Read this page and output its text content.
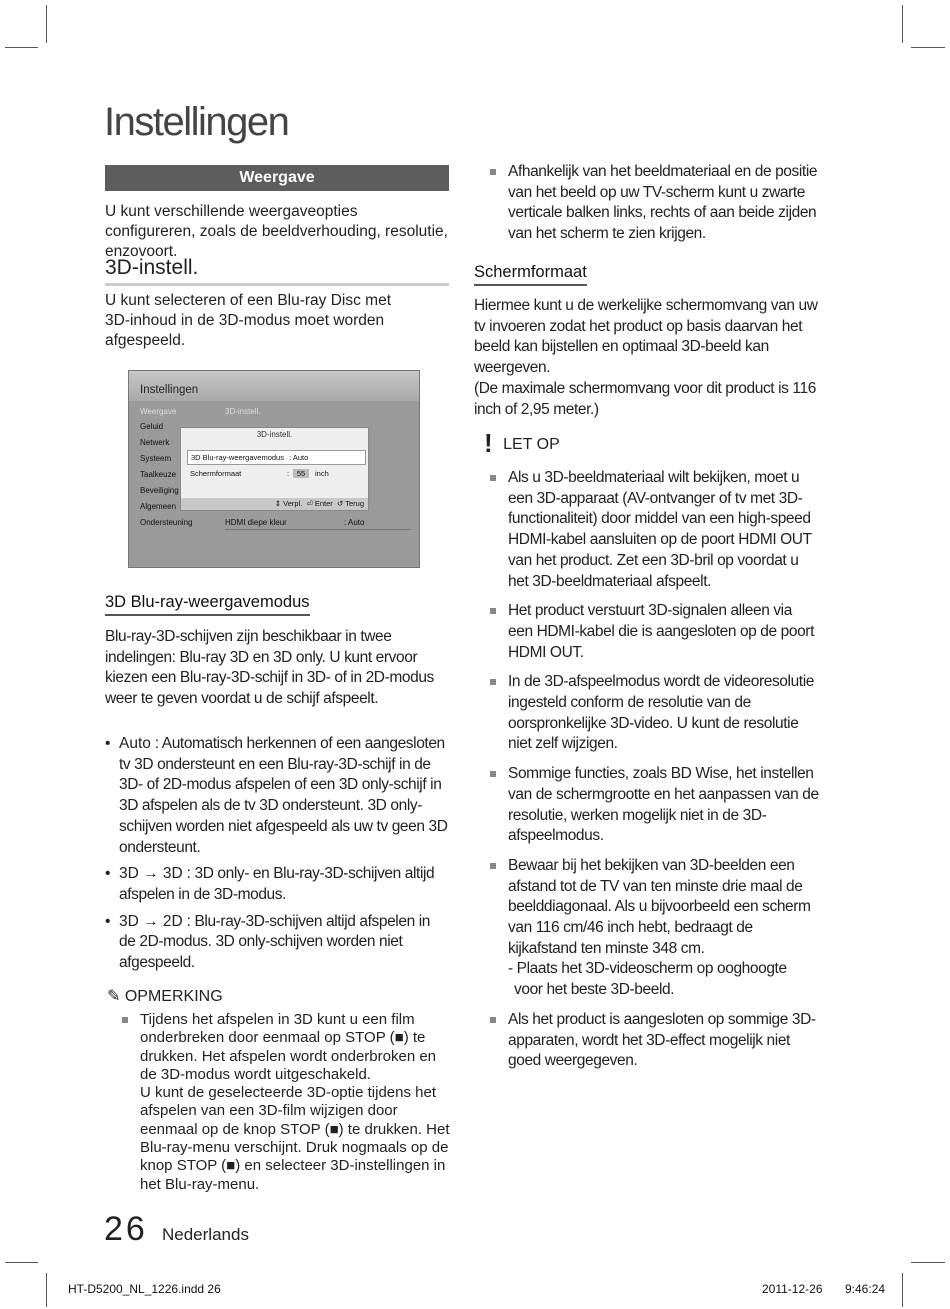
Instellingen
Weergave
U kunt verschillende weergaveopties configureren, zoals de beeldverhouding, resolutie, enzovoort.
3D-instell.
U kunt selecteren of een Blu-ray Disc met 3D-inhoud in de 3D-modus moet worden afgespeeld.
Instellingen
Weergave	3D-instell.
Geluid
Netwerk
Systeem
Taalkeuze
Beveiliging
Algemeen
Ondersteuning	HDMI diepe kleur	: Auto
3D-instell.
3D Blu-ray-weergavemodus : Auto
Schermformaat	:	55	inch
⇕ Verpl.  ⏎ Enter  ↺ Terug
3D Blu-ray-weergavemodus
Blu-ray-3D-schijven zijn beschikbaar in twee indelingen: Blu-ray 3D en 3D only. U kunt ervoor kiezen een Blu-ray-3D-schijf in 3D- of in 2D-modus weer te geven voordat u de schijf afspeelt.
• Auto : Automatisch herkennen of een aangesloten tv 3D ondersteunt en een Blu-ray-3D-schijf in de 3D- of 2D-modus afspelen of een 3D only-schijf in 3D afspelen als de tv 3D ondersteunt. 3D only-schijven worden niet afgespeeld als uw tv geen 3D ondersteunt.
• 3D → 3D : 3D only- en Blu-ray-3D-schijven altijd afspelen in de 3D-modus.
• 3D → 2D : Blu-ray-3D-schijven altijd afspelen in de 2D-modus. 3D only-schijven worden niet afgespeeld.
✎ OPMERKING
Tijdens het afspelen in 3D kunt u een film onderbreken door eenmaal op STOP (■) te drukken. Het afspelen wordt onderbroken en de 3D-modus wordt uitgeschakeld.
U kunt de geselecteerde 3D-optie tijdens het afspelen van een 3D-film wijzigen door eenmaal op de knop STOP (■) te drukken. Het Blu-ray-menu verschijnt. Druk nogmaals op de knop STOP (■) en selecteer 3D-instellingen in het Blu-ray-menu.
26 Nederlands
Afhankelijk van het beeldmateriaal en de positie van het beeld op uw TV-scherm kunt u zwarte verticale balken links, rechts of aan beide zijden van het scherm te zien krijgen.
Schermformaat
Hiermee kunt u de werkelijke schermomvang van uw tv invoeren zodat het product op basis daarvan het beeld kan bijstellen en optimaal 3D-beeld kan weergeven.
(De maximale schermomvang voor dit product is 116 inch of 2,95 meter.)
! LET OP
Als u 3D-beeldmateriaal wilt bekijken, moet u een 3D-apparaat (AV-ontvanger of tv met 3D-functionaliteit) door middel van een high-speed HDMI-kabel aansluiten op de poort HDMI OUT van het product. Zet een 3D-bril op voordat u het 3D-beeldmateriaal afspeelt.
Het product verstuurt 3D-signalen alleen via een HDMI-kabel die is aangesloten op de poort HDMI OUT.
In de 3D-afspeelmodus wordt de videoresolutie ingesteld conform de resolutie van de oorspronkelijke 3D-video. U kunt de resolutie niet zelf wijzigen.
Sommige functies, zoals BD Wise, het instellen van de schermgrootte en het aanpassen van de resolutie, werken mogelijk niet in de 3D-afspeelmodus.
Bewaar bij het bekijken van 3D-beelden een afstand tot de TV van ten minste drie maal de beelddiagonaal. Als u bijvoorbeeld een scherm van 116 cm/46 inch hebt, bedraagt de kijkafstand ten minste 348 cm.
- Plaats het 3D-videoscherm op ooghoogte voor het beste 3D-beeld.
Als het product is aangesloten op sommige 3D-apparaten, wordt het 3D-effect mogelijk niet goed weergegeven.
HT-D5200_NL_1226.indd 26	2011-12-26 9:46:24
